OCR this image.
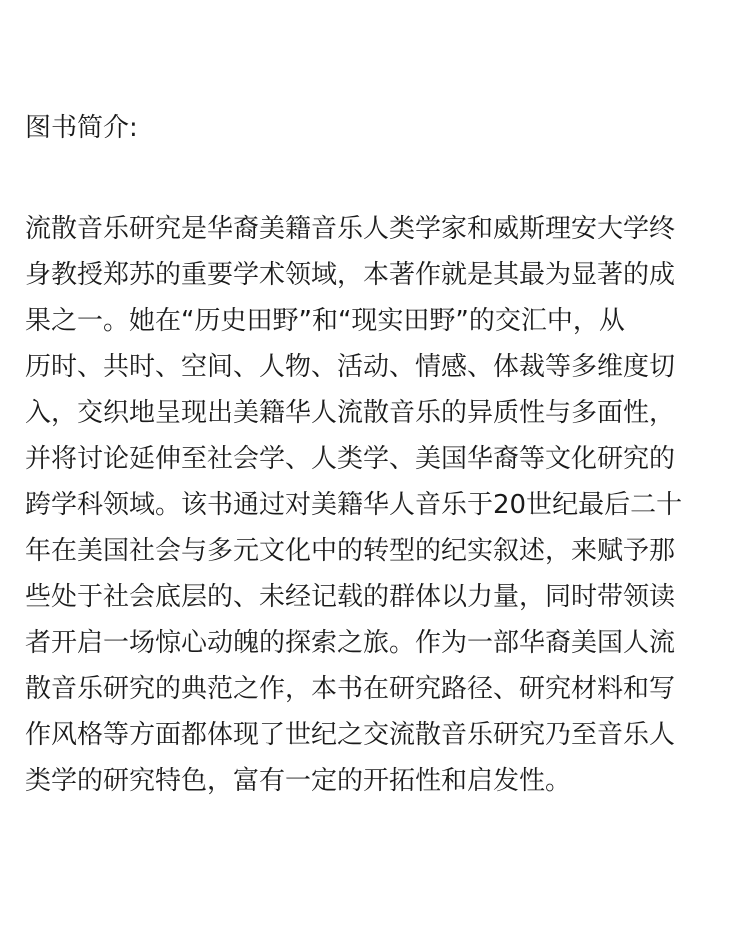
图书简介:
流散音乐研究是华裔美籍音乐人类学家和威斯理安大学终
身教授郑苏的重要学术领域，本著作就是其最为显著的成
果之一。她在“历史田野”和“现实田野”的交汇中，从
历时、共时、空间、人物、活动、情感、体裁等多维度切
入，交织地呈现出美籍华人流散音乐的异质性与多面性，
并将讨论延伸至社会学、人类学、美国华裔等文化研究的
跨学科领域。该书通过对美籍华人音乐于20世纪最后二十
年在美国社会与多元文化中的转型的纪实叙述，来赋予那
些处于社会底层的、未经记载的群体以力量，同时带领读
者开启一场惊心动魄的探索之旅。作为一部华裔美国人流
散音乐研究的典范之作，本书在研究路径、研究材料和写
作风格等方面都体现了世纪之交流散音乐研究乃至音乐人
类学的研究特色，富有一定的开拓性和启发性。
